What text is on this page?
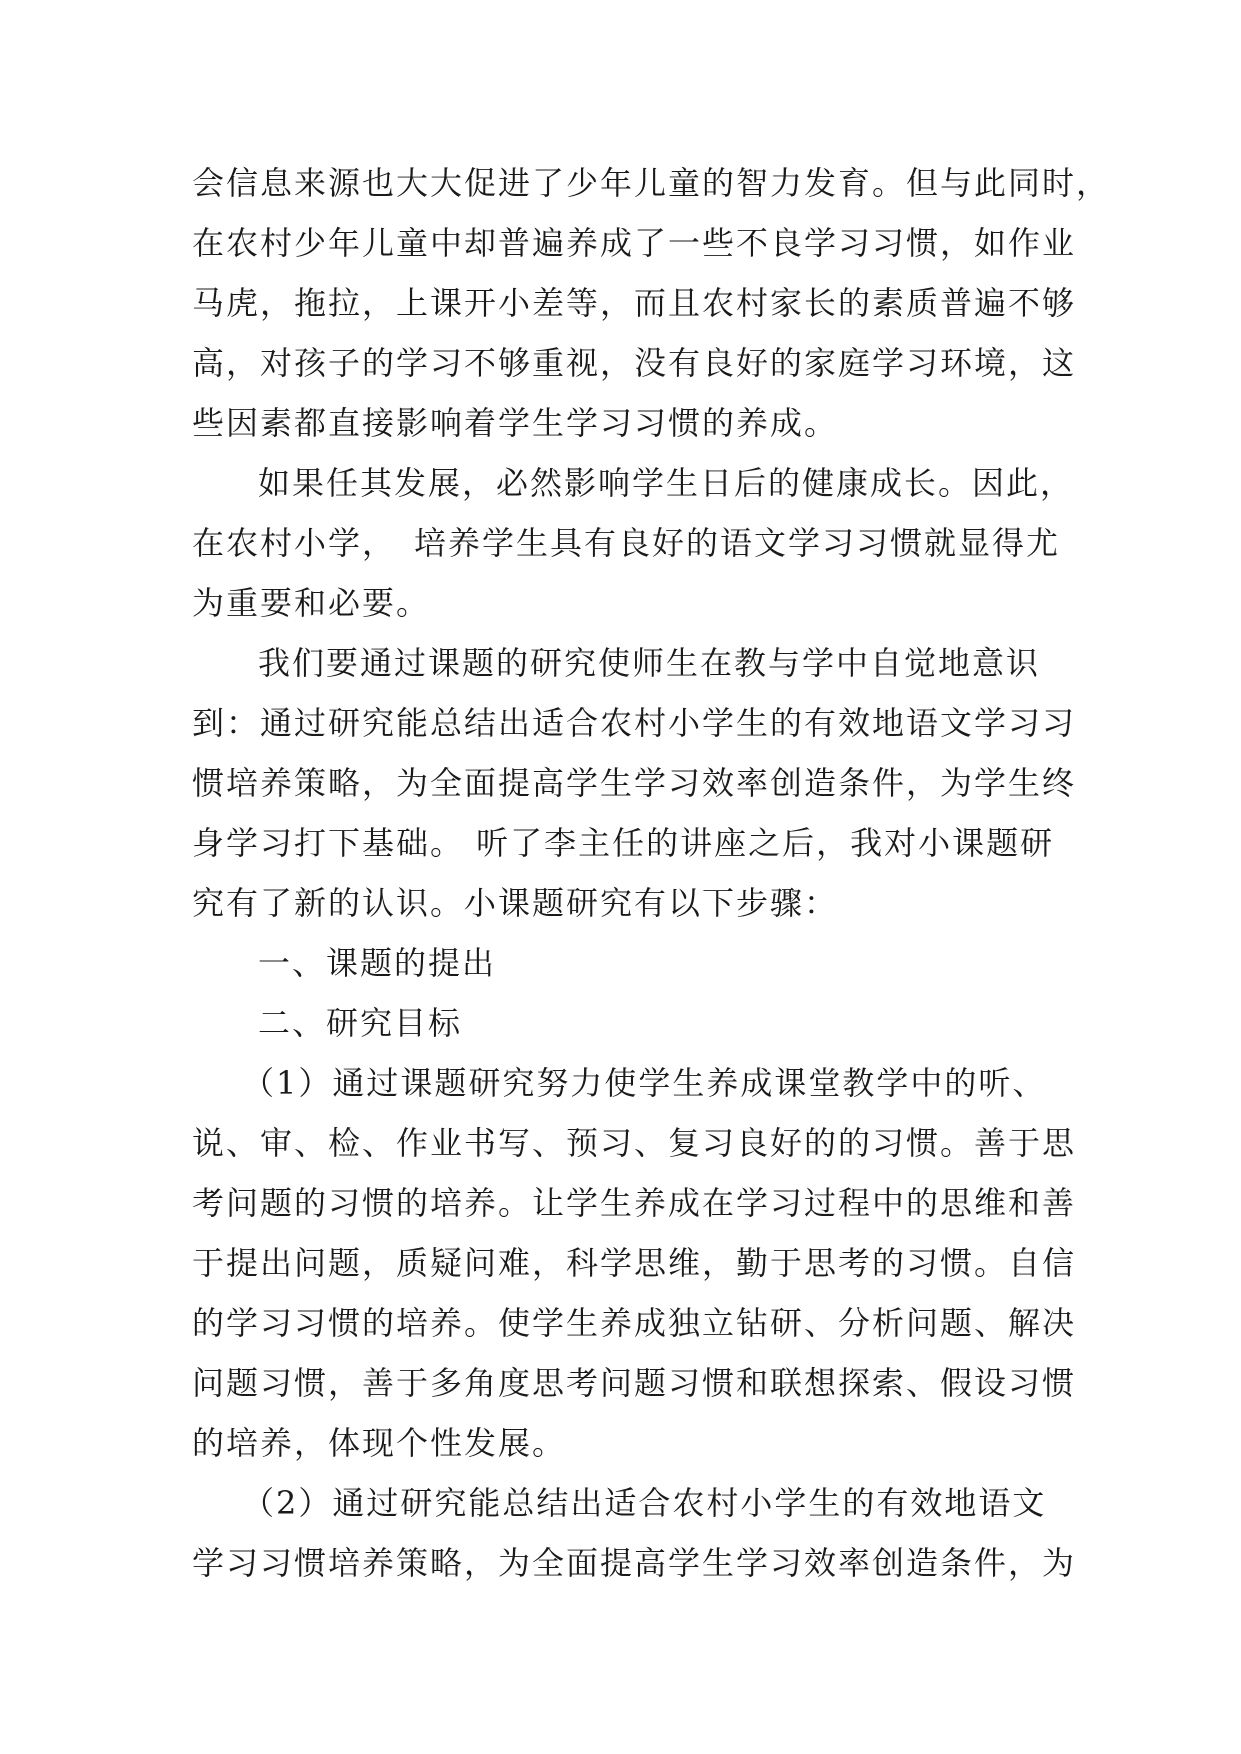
会信息来源也大大促进了少年儿童的智力发育。但与此同时，
在农村少年儿童中却普遍养成了一些不良学习习惯，如作业
马虎，拖拉，上课开小差等，而且农村家长的素质普遍不够
高，对孩子的学习不够重视，没有良好的家庭学习环境，这
些因素都直接影响着学生学习习惯的养成。
如果任其发展，必然影响学生日后的健康成长。因此，
在农村小学，　培养学生具有良好的语文学习习惯就显得尤
为重要和必要。
我们要通过课题的研究使师生在教与学中自觉地意识
到：通过研究能总结出适合农村小学生的有效地语文学习习
惯培养策略，为全面提高学生学习效率创造条件，为学生终
身学习打下基础。 听了李主任的讲座之后，我对小课题研
究有了新的认识。小课题研究有以下步骤：
一、课题的提出
二、研究目标
（1）通过课题研究努力使学生养成课堂教学中的听、
说、审、检、作业书写、预习、复习良好的的习惯。善于思
考问题的习惯的培养。让学生养成在学习过程中的思维和善
于提出问题，质疑问难，科学思维，勤于思考的习惯。自信
的学习习惯的培养。使学生养成独立钻研、分析问题、解决
问题习惯，善于多角度思考问题习惯和联想探索、假设习惯
的培养，体现个性发展。
（2）通过研究能总结出适合农村小学生的有效地语文
学习习惯培养策略，为全面提高学生学习效率创造条件，为
